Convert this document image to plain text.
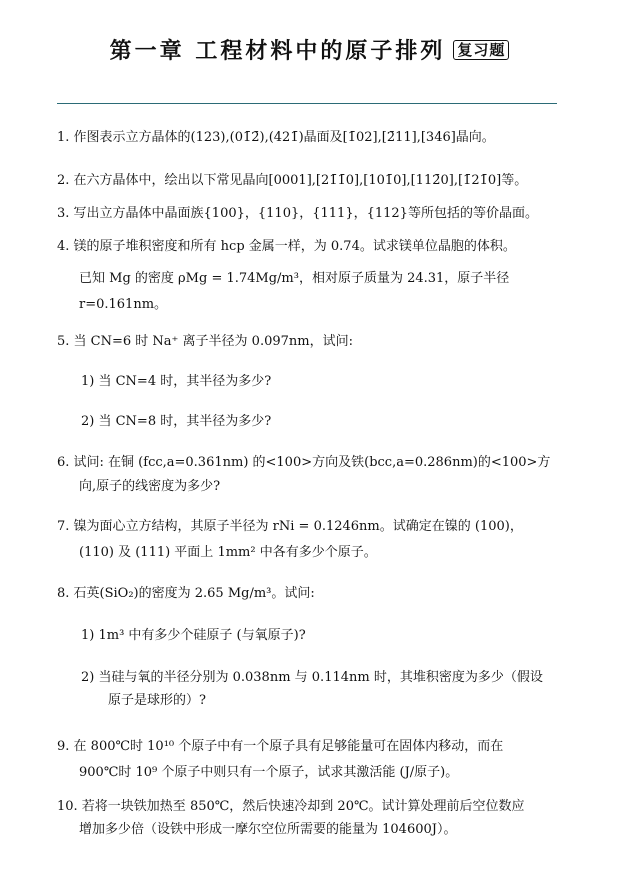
第一章 工程材料中的原子排列 $^{复习题}$
1. 作图表示立方晶体的(123),(01̄2̄),(421̄)晶面及[1̄02],[2̄11],[346]晶向。
2. 在六方晶体中，绘出以下常见晶向[0001],[21̄1̄0],[101̄0],[112̄0],[1̄21̄0]等。
3. 写出立方晶体中晶面族{100}，{110}，{111}，{112}等所包括的等价晶面。
4. 镁的原子堆积密度和所有 hcp 金属一样，为 0.74。试求镁单位晶胞的体积。
已知 Mg 的密度 ρMg = 1.74Mg/m³，相对原子质量为 24.31，原子半径
r=0.161nm。
5. 当 CN=6 时 Na⁺ 离子半径为 0.097nm，试问:
1) 当 CN=4 时，其半径为多少?
2) 当 CN=8 时，其半径为多少?
6. 试问: 在铜 (fcc,a=0.361nm) 的<100>方向及铁(bcc,a=0.286nm)的<100>方
向,原子的线密度为多少?
7. 镍为面心立方结构，其原子半径为 rNi = 0.1246nm。试确定在镍的 (100)，
(110) 及 (111) 平面上 1mm² 中各有多少个原子。
8. 石英(SiO₂)的密度为 2.65 Mg/m³。试问:
1) 1m³ 中有多少个硅原子 (与氧原子)?
2) 当硅与氧的半径分别为 0.038nm 与 0.114nm 时，其堆积密度为多少（假设
原子是球形的）?
9. 在 800℃时 10¹⁰ 个原子中有一个原子具有足够能量可在固体内移动，而在
900℃时 10⁹ 个原子中则只有一个原子，试求其激活能 (J/原子)。
10. 若将一块铁加热至 850℃，然后快速冷却到 20℃。试计算处理前后空位数应
增加多少倍（设铁中形成一摩尔空位所需要的能量为 104600J）。
